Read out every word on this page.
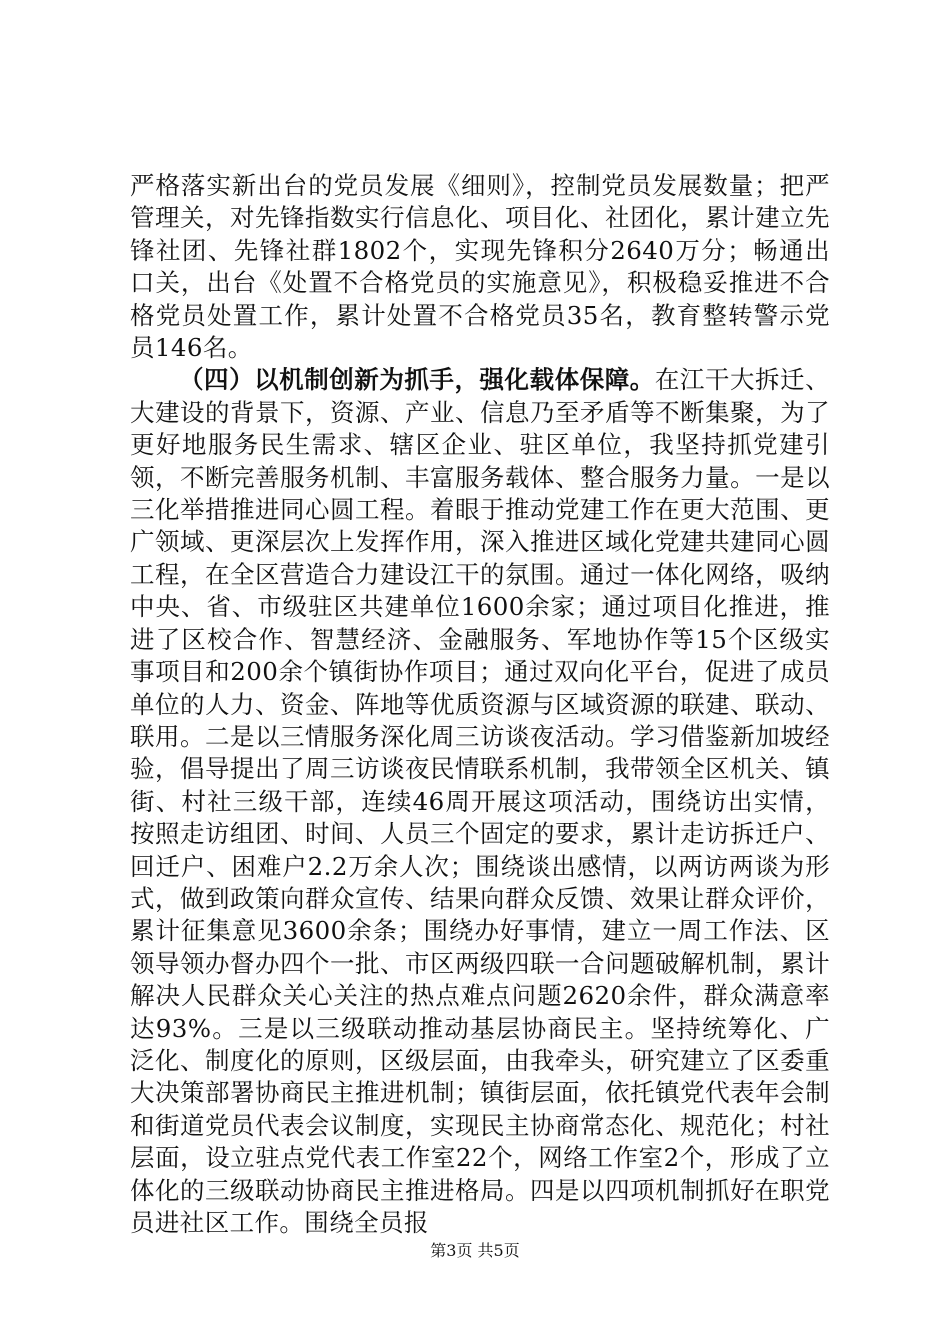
严格落实新出台的党员发展《细则》，控制党员发展数量；把严管理关，对先锋指数实行信息化、项目化、社团化，累计建立先锋社团、先锋社群1802个，实现先锋积分2640万分；畅通出口关，出台《处置不合格党员的实施意见》，积极稳妥推进不合格党员处置工作，累计处置不合格党员35名，教育整转警示党员146名。

（四）以机制创新为抓手，强化载体保障。在江干大拆迁、大建设的背景下，资源、产业、信息乃至矛盾等不断集聚，为了更好地服务民生需求、辖区企业、驻区单位，我坚持抓党建引领，不断完善服务机制、丰富服务载体、整合服务力量。一是以三化举措推进同心圆工程。着眼于推动党建工作在更大范围、更广领域、更深层次上发挥作用，深入推进区域化党建共建同心圆工程，在全区营造合力建设江干的氛围。通过一体化网络，吸纳中央、省、市级驻区共建单位1600余家；通过项目化推进，推进了区校合作、智慧经济、金融服务、军地协作等15个区级实事项目和200余个镇街协作项目；通过双向化平台，促进了成员单位的人力、资金、阵地等优质资源与区域资源的联建、联动、联用。二是以三情服务深化周三访谈夜活动。学习借鉴新加坡经验，倡导提出了周三访谈夜民情联系机制，我带领全区机关、镇街、村社三级干部，连续46周开展这项活动，围绕访出实情，按照走访组团、时间、人员三个固定的要求，累计走访拆迁户、回迁户、困难户2.2万余人次；围绕谈出感情，以两访两谈为形式，做到政策向群众宣传、结果向群众反馈、效果让群众评价，累计征集意见3600余条；围绕办好事情，建立一周工作法、区领导领办督办四个一批、市区两级四联一合问题破解机制，累计解决人民群众关心关注的热点难点问题2620余件，群众满意率达93%。三是以三级联动推动基层协商民主。坚持统筹化、广泛化、制度化的原则，区级层面，由我牵头，研究建立了区委重大决策部署协商民主推进机制；镇街层面，依托镇党代表年会制和街道党员代表会议制度，实现民主协商常态化、规范化；村社层面，设立驻点党代表工作室22个，网络工作室2个，形成了立体化的三级联动协商民主推进格局。四是以四项机制抓好在职党员进社区工作。围绕全员报

第3页 共5页
